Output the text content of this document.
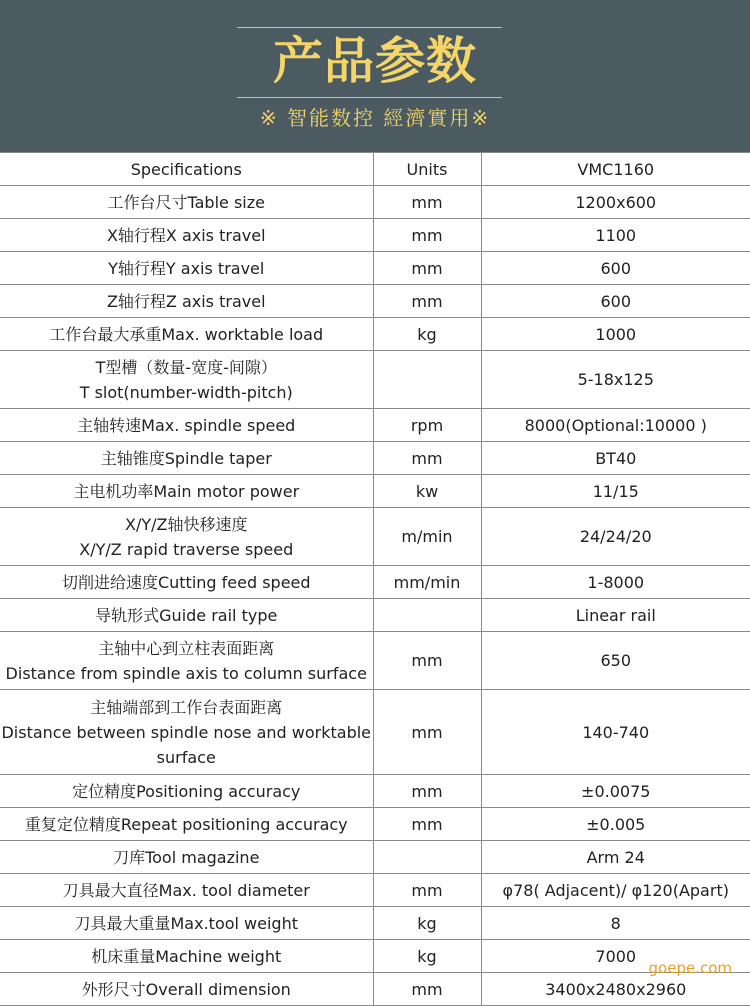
产品参数
※ 智能数控 經濟實用※
Specifications	Units	VMC1160

工作台尺寸Table size	mm	1200x600

X轴行程X axis travel	mm	1100

Y轴行程Y axis travel	mm	600

Z轴行程Z axis travel	mm	600

工作台最大承重Max. worktable load	kg	1000

T型槽（数量-宽度-间隙）
T slot(number-width-pitch)		5-18x125

主轴转速Max. spindle speed	rpm	8000(Optional:10000 )

主轴锥度Spindle taper	mm	BT40

主电机功率Main motor power	kw	11/15

X/Y/Z轴快移速度
X/Y/Z rapid traverse speed	m/min	24/24/20

切削进给速度Cutting feed speed	mm/min	1-8000

导轨形式Guide rail type		Linear rail

主轴中心到立柱表面距离
Distance from spindle axis to column surface	mm	650

主轴端部到工作台表面距离
Distance between spindle nose and worktable
surface	mm	140-740

定位精度Positioning accuracy	mm	±0.0075

重复定位精度Repeat positioning accuracy	mm	±0.005

刀库Tool magazine		Arm 24

刀具最大直径Max. tool diameter	mm	φ78( Adjacent)/ φ120(Apart)

刀具最大重量Max.tool weight	kg	8

机床重量Machine weight	kg	7000

外形尺寸Overall dimension	mm	3400x2480x2960
goepe.com
